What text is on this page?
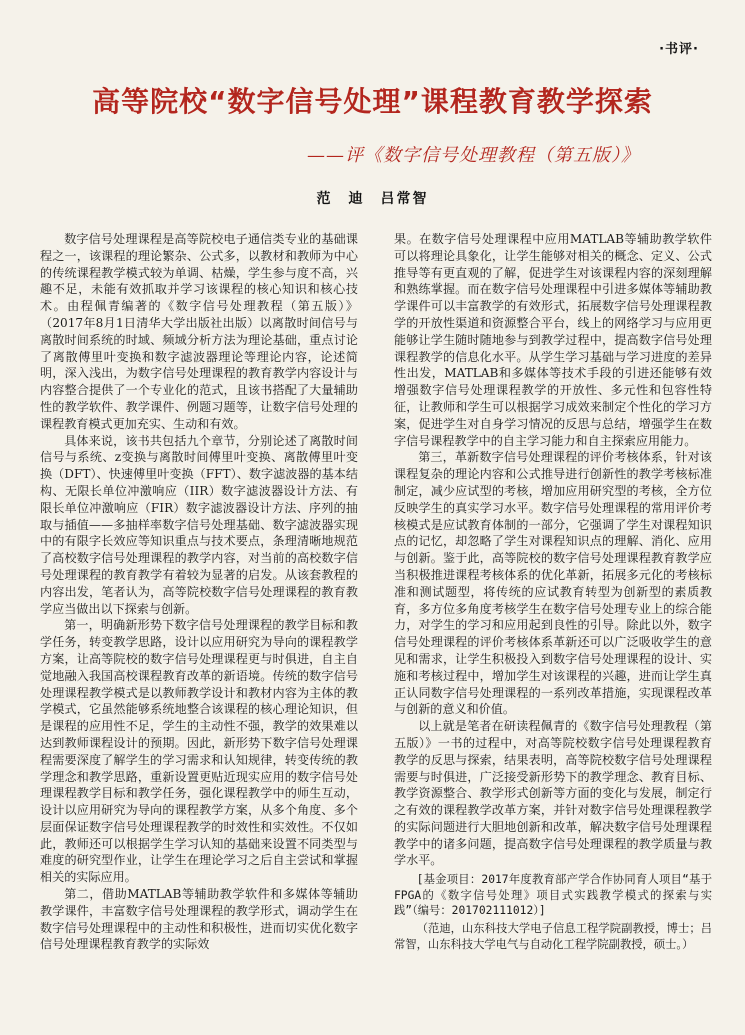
·书评·
高等院校“数字信号处理”课程教育教学探索
——评《数字信号处理教程（第五版）》
范　迪　吕常智

数字信号处理课程是高等院校电子通信类专业的基础课程之一，该课程的理论繁杂、公式多，以教材和教师为中心的传统课程教学模式较为单调、枯燥，学生参与度不高，兴趣不足，未能有效抓取并学习该课程的核心知识和核心技术。由程佩青编著的《数字信号处理教程（第五版）》（2017年8月1日清华大学出版社出版）以离散时间信号与离散时间系统的时域、频域分析方法为理论基础，重点讨论了离散傅里叶变换和数字滤波器理论等理论内容，论述简明，深入浅出，为数字信号处理课程的教育教学内容设计与内容整合提供了一个专业化的范式，且该书搭配了大量辅助性的教学软件、教学课件、例题习题等，让数字信号处理的课程教育模式更加充实、生动和有效。

具体来说，该书共包括九个章节，分别论述了离散时间信号与系统、z变换与离散时间傅里叶变换、离散傅里叶变换（DFT）、快速傅里叶变换（FFT）、数字滤波器的基本结构、无限长单位冲激响应（IIR）数字滤波器设计方法、有限长单位冲激响应（FIR）数字滤波器设计方法、序列的抽取与插值——多抽样率数字信号处理基础、数字滤波器实现中的有限字长效应等知识重点与技术要点，条理清晰地规范了高校数字信号处理课程的教学内容，对当前的高校数字信号处理课程的教育教学有着较为显著的启发。从该套教程的内容出发，笔者认为，高等院校数字信号处理课程的教育教学应当做出以下探索与创新。

第一，明确新形势下数字信号处理课程的教学目标和教学任务，转变教学思路，设计以应用研究为导向的课程教学方案，让高等院校的数字信号处理课程更与时俱进，自主自觉地融入我国高校课程教育改革的新语境。传统的数字信号处理课程教学模式是以教师教学设计和教材内容为主体的教学模式，它虽然能够系统地整合该课程的核心理论知识，但是课程的应用性不足，学生的主动性不强，教学的效果难以达到教师课程设计的预期。因此，新形势下数字信号处理课程需要深度了解学生的学习需求和认知规律，转变传统的教学理念和教学思路，重新设置更贴近现实应用的数字信号处理课程教学目标和教学任务，强化课程教学中的师生互动，设计以应用研究为导向的课程教学方案，从多个角度、多个层面保证数字信号处理课程教学的时效性和实效性。不仅如此，教师还可以根据学生学习认知的基础来设置不同类型与难度的研究型作业，让学生在理论学习之后自主尝试和掌握相关的实际应用。

第二，借助MATLAB等辅助教学软件和多媒体等辅助教学课件，丰富数字信号处理课程的教学形式，调动学生在数字信号处理课程中的主动性和积极性，进而切实优化数字信号处理课程教育教学的实际效

果。在数字信号处理课程中应用MATLAB等辅助教学软件可以将理论具象化，让学生能够对相关的概念、定义、公式推导等有更直观的了解，促进学生对该课程内容的深刻理解和熟练掌握。而在数字信号处理课程中引进多媒体等辅助教学课件可以丰富教学的有效形式，拓展数字信号处理课程教学的开放性渠道和资源整合平台，线上的网络学习与应用更能够让学生随时随地参与到教学过程中，提高数字信号处理课程教学的信息化水平。从学生学习基础与学习进度的差异性出发，MATLAB和多媒体等技术手段的引进还能够有效增强数字信号处理课程教学的开放性、多元性和包容性特征，让教师和学生可以根据学习成效来制定个性化的学习方案，促进学生对自身学习情况的反思与总结，增强学生在数字信号课程教学中的自主学习能力和自主探索应用能力。

第三，革新数字信号处理课程的评价考核体系，针对该课程复杂的理论内容和公式推导进行创新性的教学考核标准制定，减少应试型的考核，增加应用研究型的考核，全方位反映学生的真实学习水平。数字信号处理课程的常用评价考核模式是应试教育体制的一部分，它强调了学生对课程知识点的记忆，却忽略了学生对课程知识点的理解、消化、应用与创新。鉴于此，高等院校的数字信号处理课程教育教学应当积极推进课程考核体系的优化革新，拓展多元化的考核标准和测试题型，将传统的应试教育转型为创新型的素质教育，多方位多角度考核学生在数字信号处理专业上的综合能力，对学生的学习和应用起到良性的引导。除此以外，数字信号处理课程的评价考核体系革新还可以广泛吸收学生的意见和需求，让学生积极投入到数字信号处理课程的设计、实施和考核过程中，增加学生对该课程的兴趣，进而让学生真正认同数字信号处理课程的一系列改革措施，实现课程改革与创新的意义和价值。

以上就是笔者在研读程佩青的《数字信号处理教程（第五版）》一书的过程中，对高等院校数字信号处理课程教育教学的反思与探索，结果表明，高等院校数字信号处理课程需要与时俱进，广泛接受新形势下的教学理念、教育目标、教学资源整合、教学形式创新等方面的变化与发展，制定行之有效的课程教学改革方案，并针对数字信号处理课程教学的实际问题进行大胆地创新和改革，解决数字信号处理课程教学中的诸多问题，提高数字信号处理课程的教学质量与教学水平。

[基金项目：2017年度教育部产学合作协同育人项目“基于FPGA的《数字信号处理》项目式实践教学模式的探索与实践”（编号：201702111012）]
（范迪，山东科技大学电子信息工程学院副教授，博士；吕常智，山东科技大学电气与自动化工程学院副教授，硕士。）
